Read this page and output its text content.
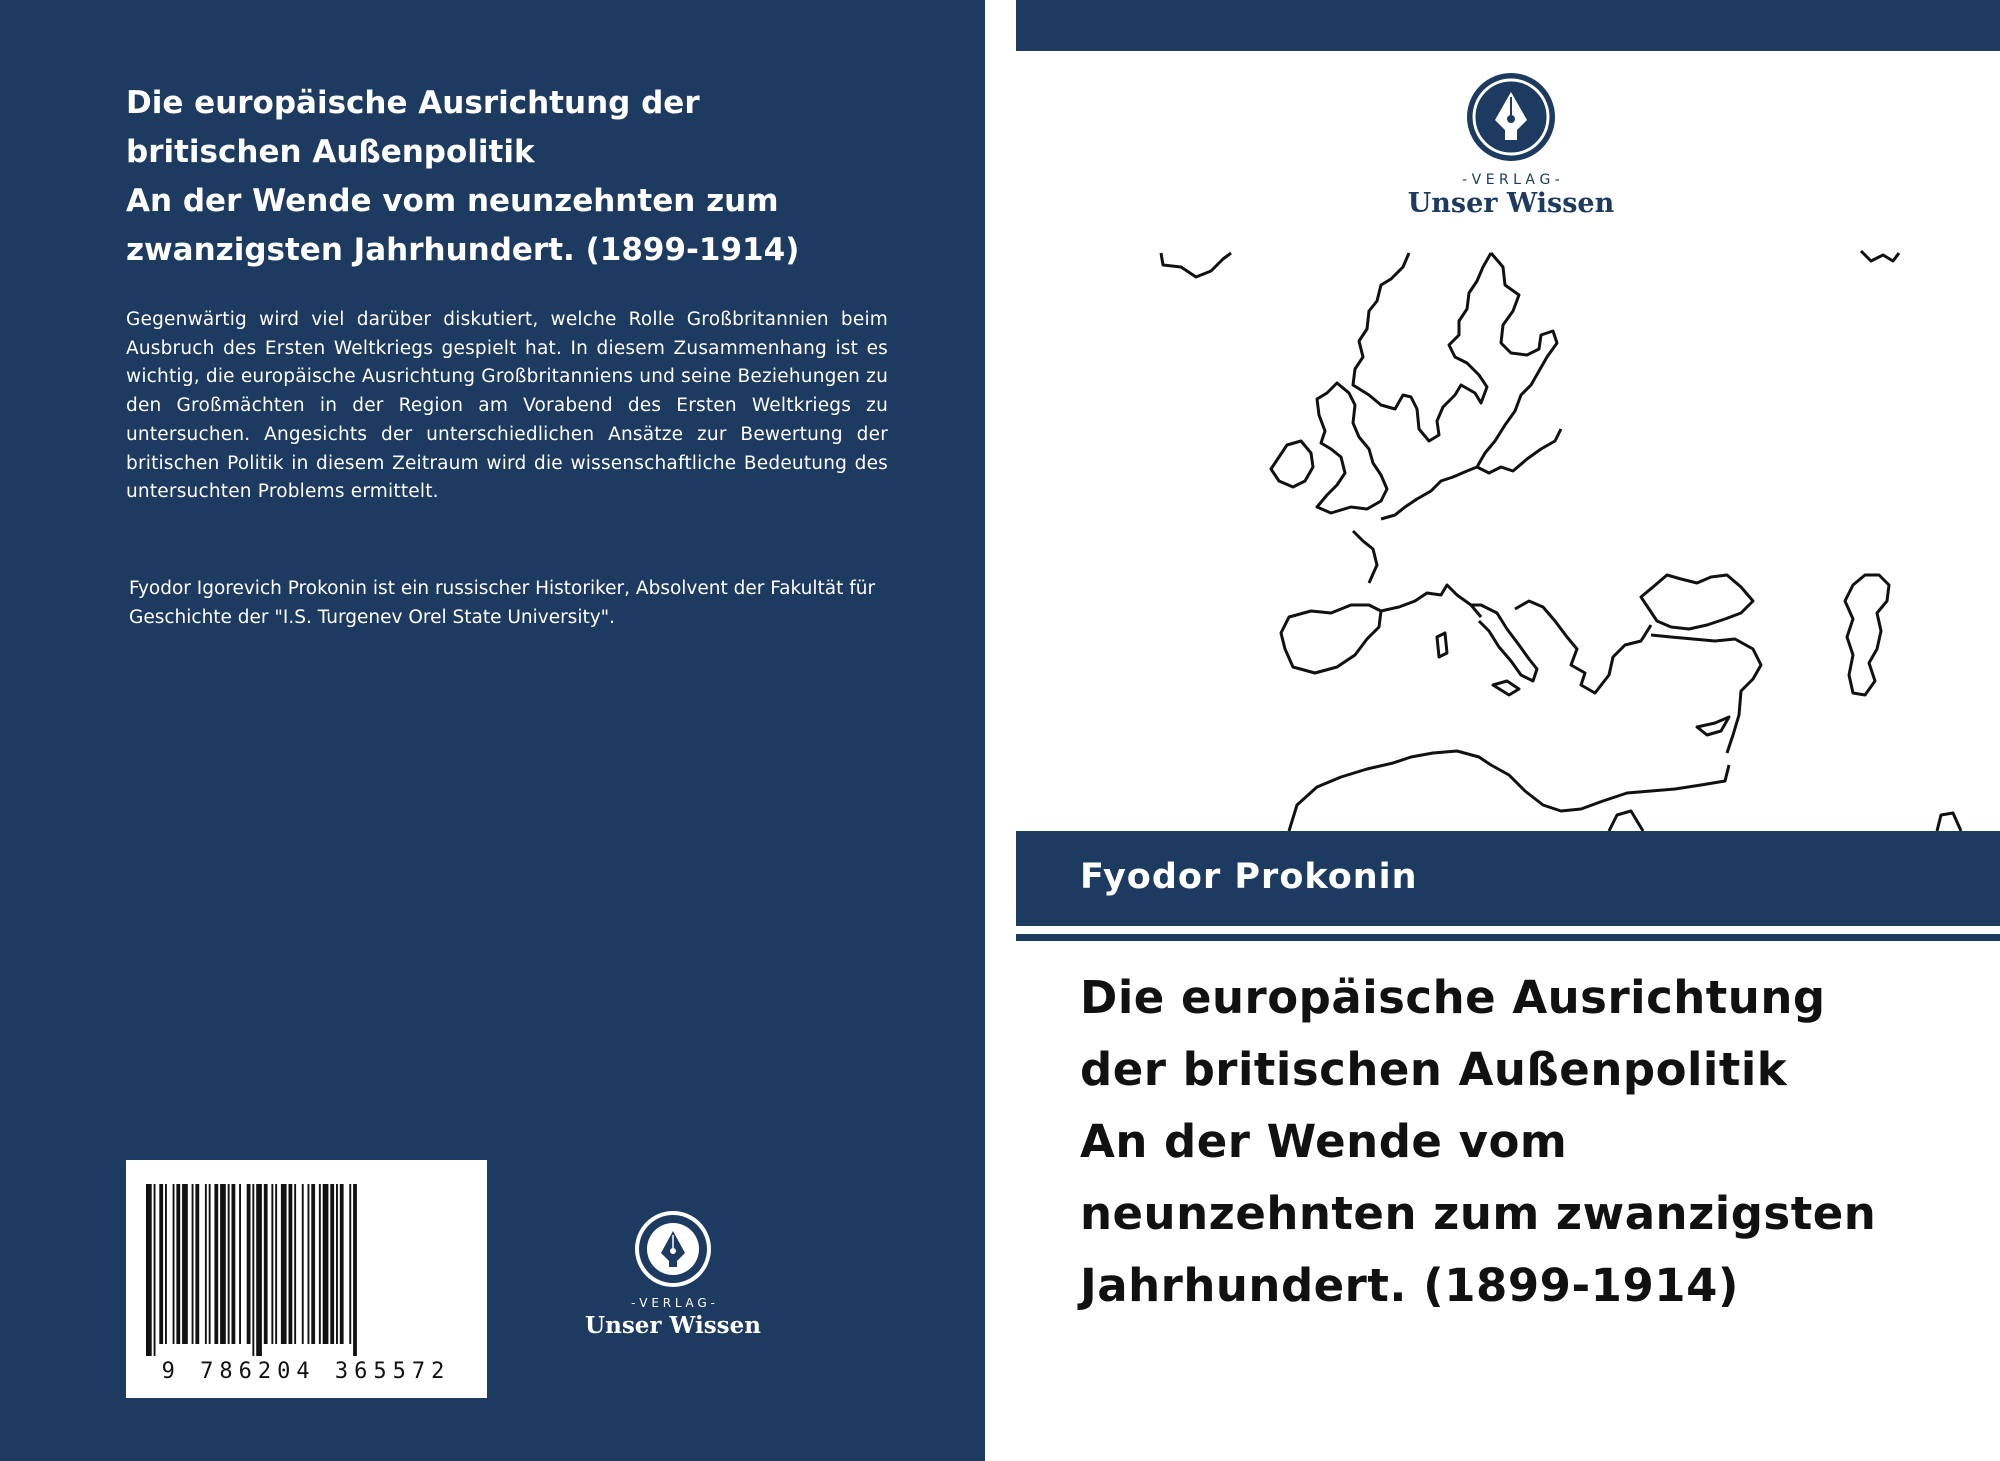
Die europäische Ausrichtung der
britischen Außenpolitik
An der Wende vom neunzehnten zum
zwanzigsten Jahrhundert. (1899-1914)
Gegenwärtig wird viel darüber diskutiert, welche Rolle Großbritannien beim Ausbruch des Ersten Weltkriegs gespielt hat. In diesem Zusammenhang ist es wichtig, die europäische Ausrichtung Großbritanniens und seine Beziehungen zu den Großmächten in der Region am Vorabend des Ersten Weltkriegs zu untersuchen. Angesichts der unterschiedlichen Ansätze zur Bewertung der britischen Politik in diesem Zeitraum wird die wissenschaftliche Bedeutung des untersuchten Problems ermittelt.
Fyodor Igorevich Prokonin ist ein russischer Historiker, Absolvent der Fakultät für Geschichte der "I.S. Turgenev Orel State University".
9 786204 365572
- V E R L A G -
Unser Wissen
- V E R L A G -
Unser Wissen
Fyodor Prokonin
Die europäische Ausrichtung
der britischen Außenpolitik
An der Wende vom
neunzehnten zum zwanzigsten
Jahrhundert. (1899-1914)
